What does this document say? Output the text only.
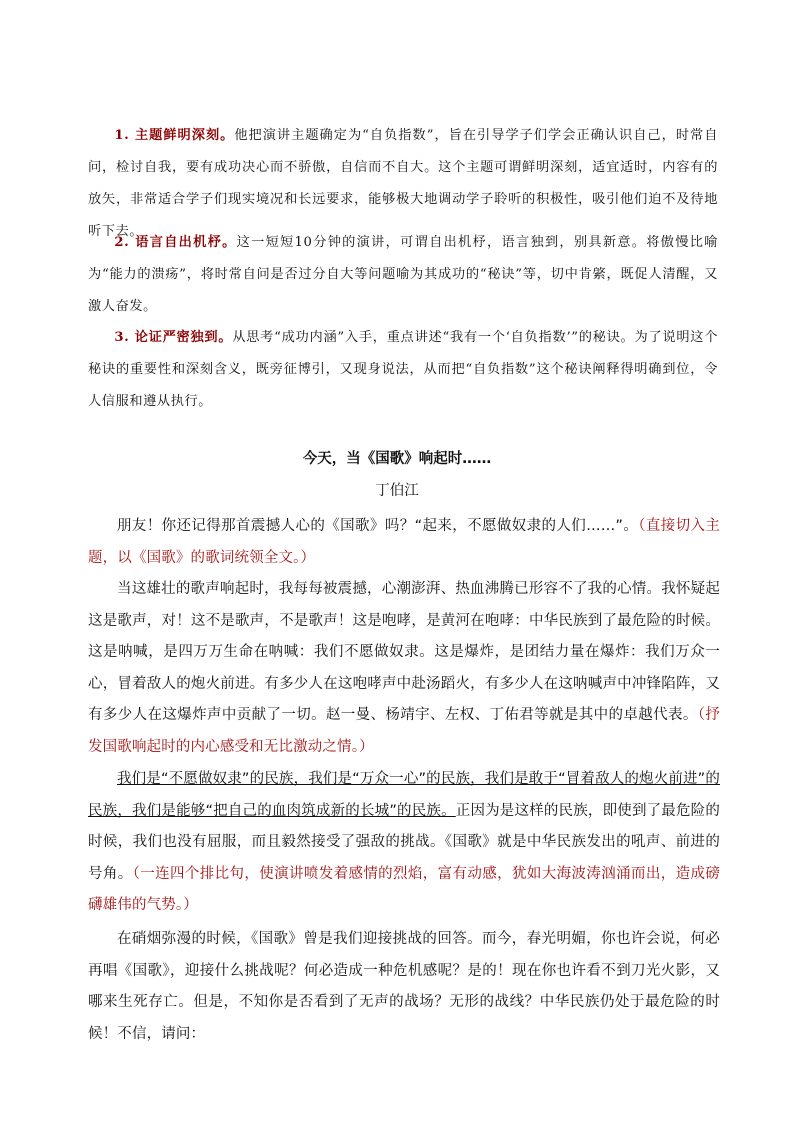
1. 主题鲜明深刻。他把演讲主题确定为“自负指数”，旨在引导学子们学会正确认识自己，时常自问，检讨自我，要有成功决心而不骄傲，自信而不自大。这个主题可谓鲜明深刻，适宜适时，内容有的放矢，非常适合学子们现实境况和长远要求，能够极大地调动学子聆听的积极性，吸引他们迫不及待地听下去。

2. 语言自出机杼。这一短短10分钟的演讲，可谓自出机杼，语言独到，别具新意。将傲慢比喻为“能力的溃疡”，将时常自问是否过分自大等问题喻为其成功的“秘诀”等，切中肯綮，既促人清醒，又激人奋发。

3. 论证严密独到。从思考“成功内涵”入手，重点讲述“我有一个‘自负指数’”的秘诀。为了说明这个秘诀的重要性和深刻含义，既旁征博引，又现身说法，从而把“自负指数”这个秘诀阐释得明确到位，令人信服和遵从执行。

今天，当《国歌》响起时……
丁伯江

朋友！你还记得那首震撼人心的《国歌》吗？“起来，不愿做奴隶的人们……”。（直接切入主题，以《国歌》的歌词统领全文。）

当这雄壮的歌声响起时，我每每被震撼，心潮澎湃、热血沸腾已形容不了我的心情。我怀疑起这是歌声，对！这不是歌声，不是歌声！这是咆哮，是黄河在咆哮：中华民族到了最危险的时候。这是呐喊，是四万万生命在呐喊：我们不愿做奴隶。这是爆炸，是团结力量在爆炸：我们万众一心，冒着敌人的炮火前进。有多少人在这咆哮声中赴汤蹈火，有多少人在这呐喊声中冲锋陷阵，又有多少人在这爆炸声中贡献了一切。赵一曼、杨靖宇、左权、丁佑君等就是其中的卓越代表。（抒发国歌响起时的内心感受和无比激动之情。）

我们是“不愿做奴隶”的民族，我们是“万众一心”的民族，我们是敢于“冒着敌人的炮火前进”的民族，我们是能够“把自己的血肉筑成新的长城”的民族。正因为是这样的民族，即使到了最危险的时候，我们也没有屈服，而且毅然接受了强敌的挑战。《国歌》就是中华民族发出的吼声、前进的号角。（一连四个排比句，使演讲喷发着感情的烈焰，富有动感，犹如大海波涛汹涌而出，造成磅礴雄伟的气势。）

在硝烟弥漫的时候，《国歌》曾是我们迎接挑战的回答。而今，春光明媚，你也许会说，何必再唱《国歌》，迎接什么挑战呢？何必造成一种危机感呢？是的！现在你也许看不到刀光火影，又哪来生死存亡。但是，不知你是否看到了无声的战场？无形的战线？中华民族仍处于最危险的时候！不信，请问：
